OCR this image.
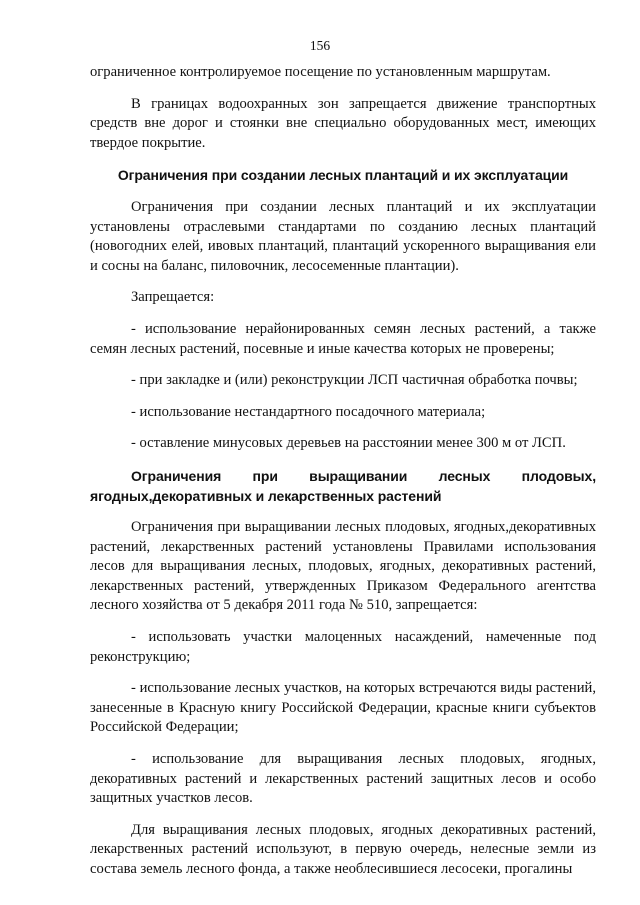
156

ограниченное контролируемое посещение по установленным маршрутам.

В границах водоохранных зон запрещается движение транспортных средств вне дорог и стоянки вне специально оборудованных мест, имеющих твердое покрытие.

Ограничения при создании лесных плантаций и их эксплуатации

Ограничения при создании лесных плантаций и их эксплуатации установлены отраслевыми стандартами по созданию лесных плантаций (новогодних елей, ивовых плантаций, плантаций ускоренного выращивания ели и сосны на баланс, пиловочник, лесосеменные плантации).

Запрещается:

- использование нерайонированных семян лесных растений, а также семян лесных растений, посевные и иные качества которых не проверены;

- при закладке и (или) реконструкции ЛСП частичная обработка почвы;

- использование нестандартного посадочного материала;

- оставление минусовых деревьев на расстоянии менее 300 м от ЛСП.

Ограничения при выращивании лесных плодовых, ягодных,декоративных и лекарственных растений

Ограничения при выращивании лесных плодовых, ягодных,декоративных растений, лекарственных растений установлены Правилами использования лесов для выращивания лесных, плодовых, ягодных, декоративных растений, лекарственных растений, утвержденных Приказом Федерального агентства лесного хозяйства от 5 декабря 2011 года № 510, запрещается:

- использовать участки малоценных насаждений, намеченные под реконструкцию;

- использование лесных участков, на которых встречаются виды растений, занесенные в Красную книгу Российской Федерации, красные книги субъектов Российской Федерации;

- использование для выращивания лесных плодовых, ягодных, декоративных растений и лекарственных растений защитных лесов и особо защитных участков лесов.

Для выращивания лесных плодовых, ягодных декоративных растений, лекарственных растений используют, в первую очередь, нелесные земли из состава земель лесного фонда, а также необлесившиеся лесосеки, прогалины
